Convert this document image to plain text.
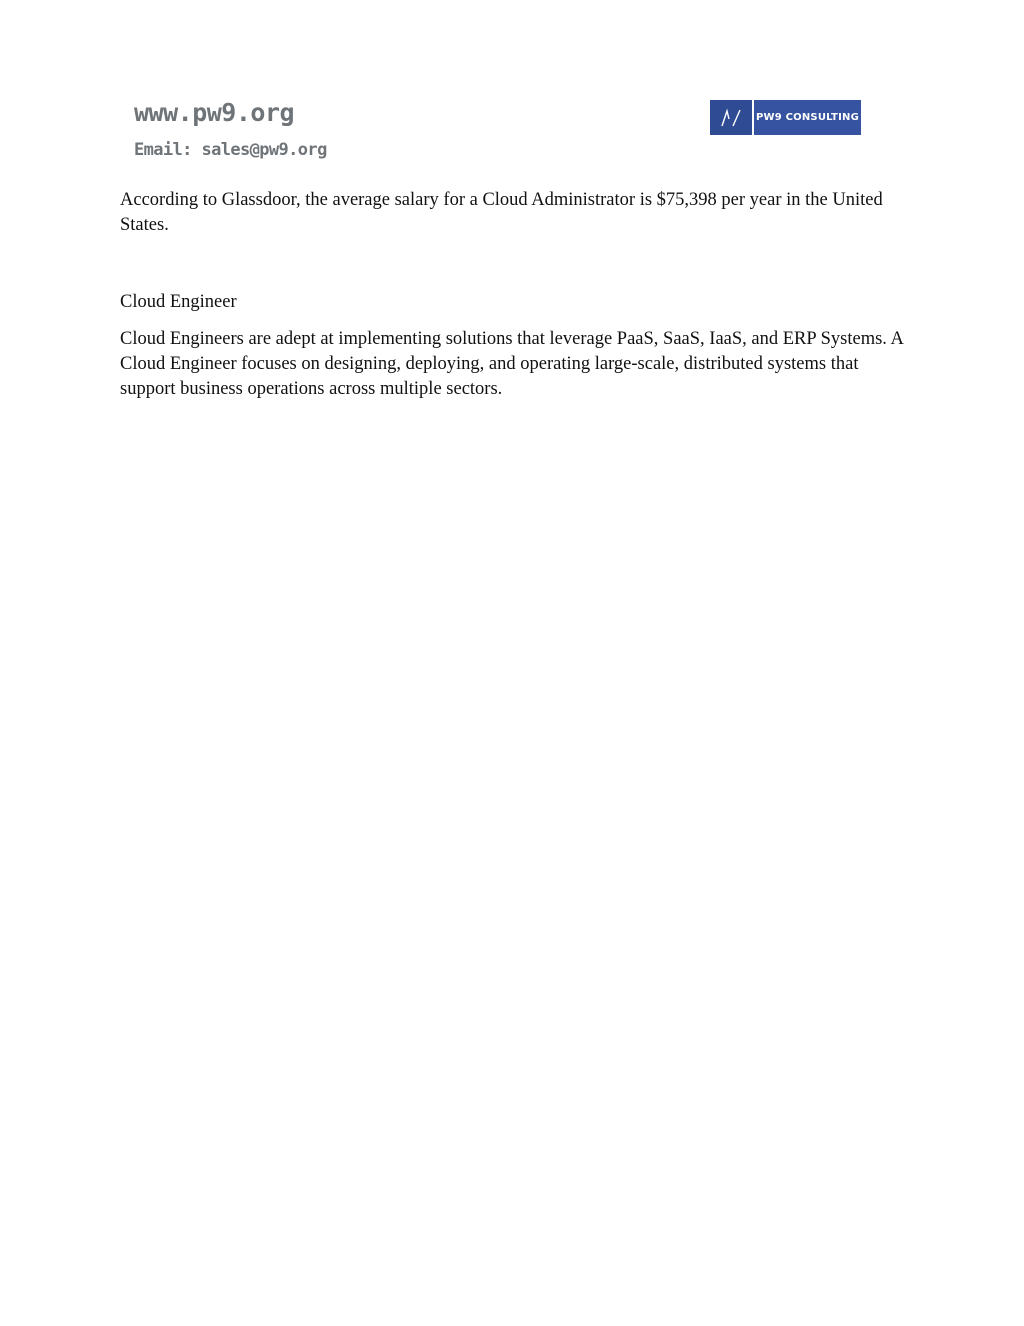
www.pw9.org
Email: sales@pw9.org
PW9 CONSULTING

According to Glassdoor, the average salary for a Cloud Administrator is $75,398 per year in the United States.

Cloud Engineer

Cloud Engineers are adept at implementing solutions that leverage PaaS, SaaS, IaaS, and ERP Systems. A Cloud Engineer focuses on designing, deploying, and operating large-scale, distributed systems that support business operations across multiple sectors.
